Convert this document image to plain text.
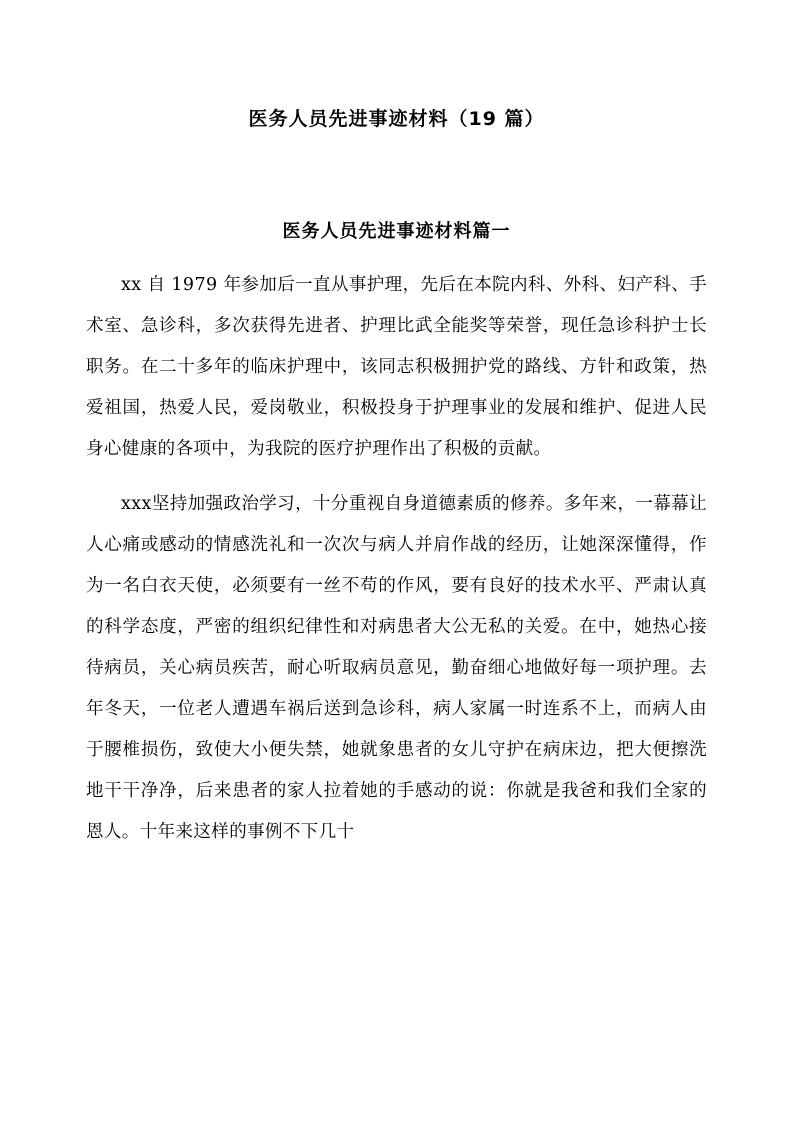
医务人员先进事迹材料（19 篇）
医务人员先进事迹材料篇一

xx 自 1979 年参加后一直从事护理，先后在本院内科、外科、妇产科、手术室、急诊科，多次获得先进者、护理比武全能奖等荣誉，现任急诊科护士长职务。在二十多年的临床护理中，该同志积极拥护党的路线、方针和政策，热爱祖国，热爱人民，爱岗敬业，积极投身于护理事业的发展和维护、促进人民身心健康的各项中，为我院的医疗护理作出了积极的贡献。

xxx坚持加强政治学习，十分重视自身道德素质的修养。多年来，一幕幕让人心痛或感动的情感洗礼和一次次与病人并肩作战的经历，让她深深懂得，作为一名白衣天使，必须要有一丝不苟的作风，要有良好的技术水平、严肃认真的科学态度，严密的组织纪律性和对病患者大公无私的关爱。在中，她热心接待病员，关心病员疾苦，耐心听取病员意见，勤奋细心地做好每一项护理。去年冬天，一位老人遭遇车祸后送到急诊科，病人家属一时连系不上，而病人由于腰椎损伤，致使大小便失禁，她就象患者的女儿守护在病床边，把大便擦洗地干干净净，后来患者的家人拉着她的手感动的说：你就是我爸和我们全家的恩人。十年来这样的事例不下几十
